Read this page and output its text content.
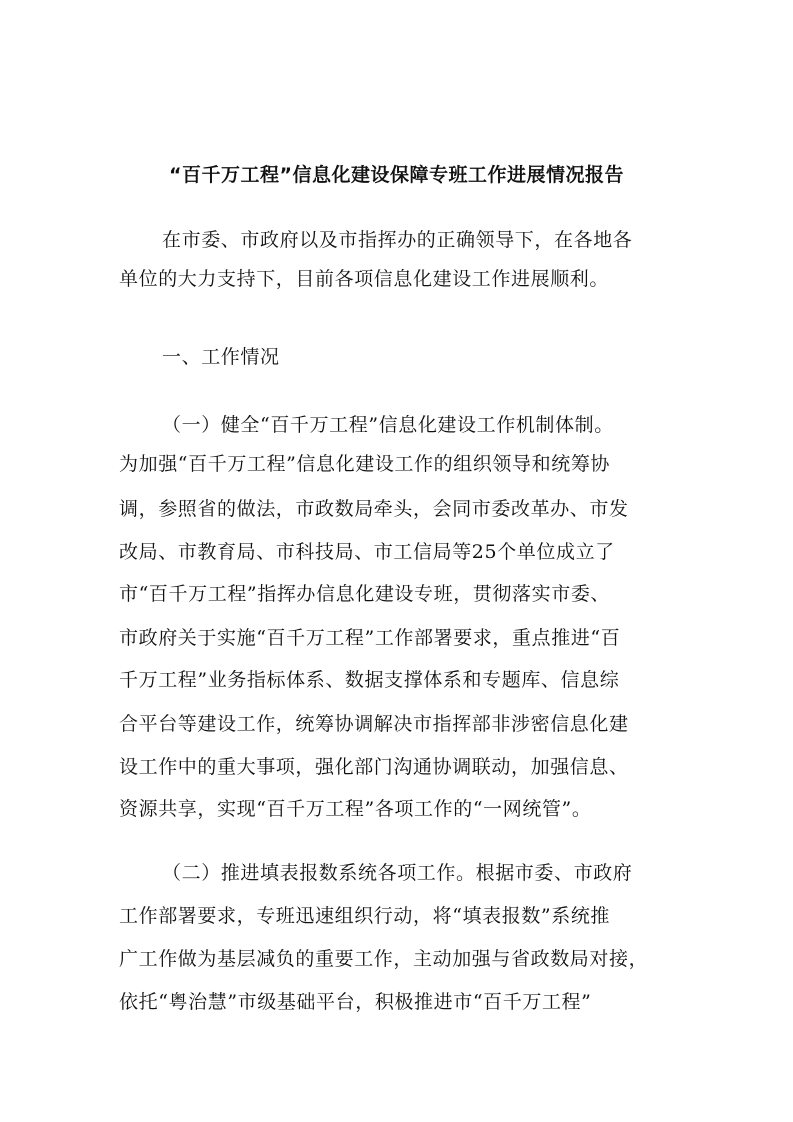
“百千万工程”信息化建设保障专班工作进展情况报告
在市委、市政府以及市指挥办的正确领导下，在各地各
单位的大力支持下，目前各项信息化建设工作进展顺利。
一、工作情况
（一）健全“百千万工程”信息化建设工作机制体制。
为加强“百千万工程”信息化建设工作的组织领导和统筹协
调，参照省的做法，市政数局牵头，会同市委改革办、市发
改局、市教育局、市科技局、市工信局等25个单位成立了
市“百千万工程”指挥办信息化建设专班，贯彻落实市委、
市政府关于实施“百千万工程”工作部署要求，重点推进“百
千万工程”业务指标体系、数据支撑体系和专题库、信息综
合平台等建设工作，统筹协调解决市指挥部非涉密信息化建
设工作中的重大事项，强化部门沟通协调联动，加强信息、
资源共享，实现“百千万工程”各项工作的“一网统管”。
（二）推进填表报数系统各项工作。根据市委、市政府
工作部署要求，专班迅速组织行动，将“填表报数”系统推
广工作做为基层减负的重要工作，主动加强与省政数局对接，
依托“粤治慧”市级基础平台，积极推进市“百千万工程”
